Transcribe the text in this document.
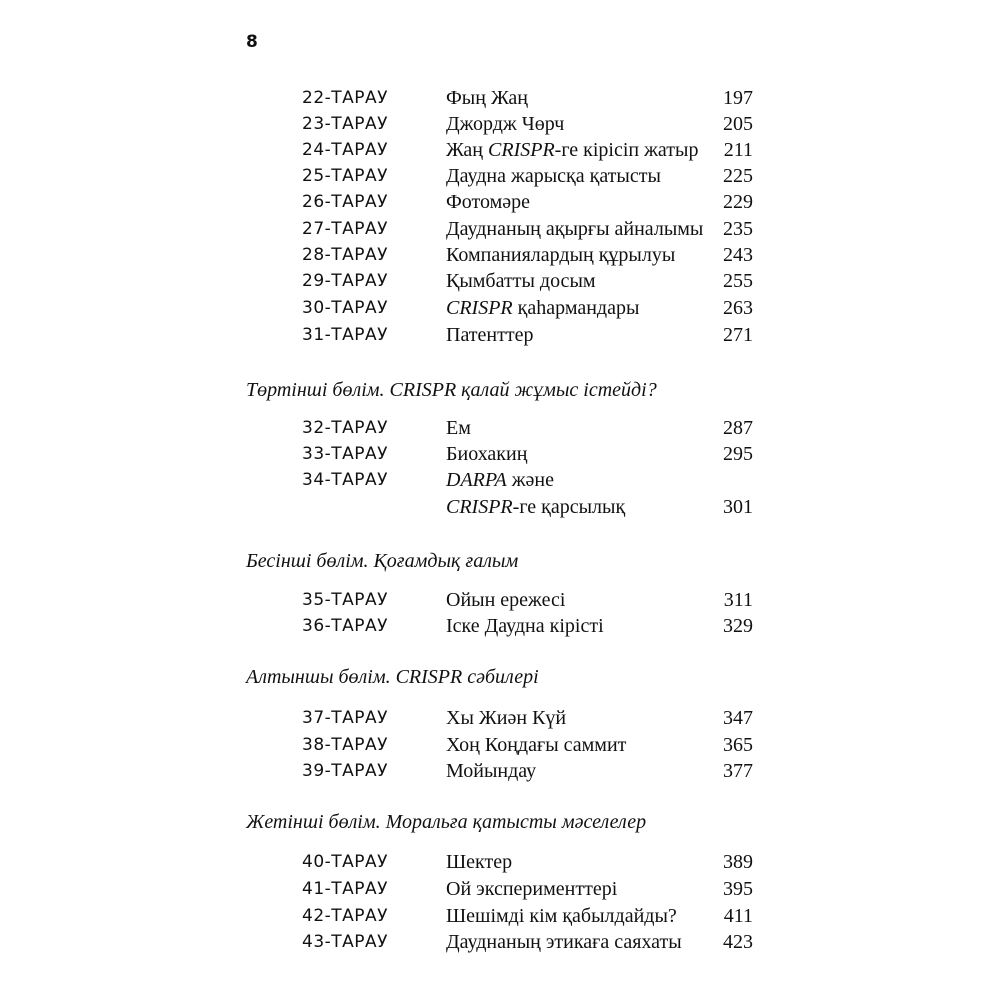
8
22-ТАРАУ	Фың Жаң	197
23-ТАРАУ	Джордж Чөрч	205
24-ТАРАУ	Жаң CRISPR-ге кірісіп жатыр 211
25-ТАРАУ	Даудна жарысқа қатысты	225
26-ТАРАУ	Фотомәре	229
27-ТАРАУ	Дауднаның ақырғы айналымы 235
28-ТАРАУ	Компаниялардың құрылуы 243
29-ТАРАУ	Қымбатты досым	255
30-ТАРАУ	CRISPR қаһармандары	263
31-ТАРАУ	Патенттер	271
Төртінші бөлім. CRISPR қалай жұмыс істейді?
32-ТАРАУ	Ем	287
33-ТАРАУ	Биохакиң	295
34-ТАРАУ	DARPA және
CRISPR-ге қарсылық	301
Бесінші бөлім. Қоғамдық ғалым
35-ТАРАУ	Ойын ережесі	311
36-ТАРАУ	Іске Даудна кірісті	329
Алтыншы бөлім. CRISPR сәбилері
37-ТАРАУ	Хы Жиән Күй	347
38-ТАРАУ	Хоң Коңдағы саммит	365
39-ТАРАУ	Мойындау	377
Жетінші бөлім. Моральға қатысты мәселелер
40-ТАРАУ	Шектер	389
41-ТАРАУ	Ой эксперименттері	395
42-ТАРАУ	Шешімді кім қабылдайды? 411
43-ТАРАУ	Дауднаның этикаға саяхаты 423
